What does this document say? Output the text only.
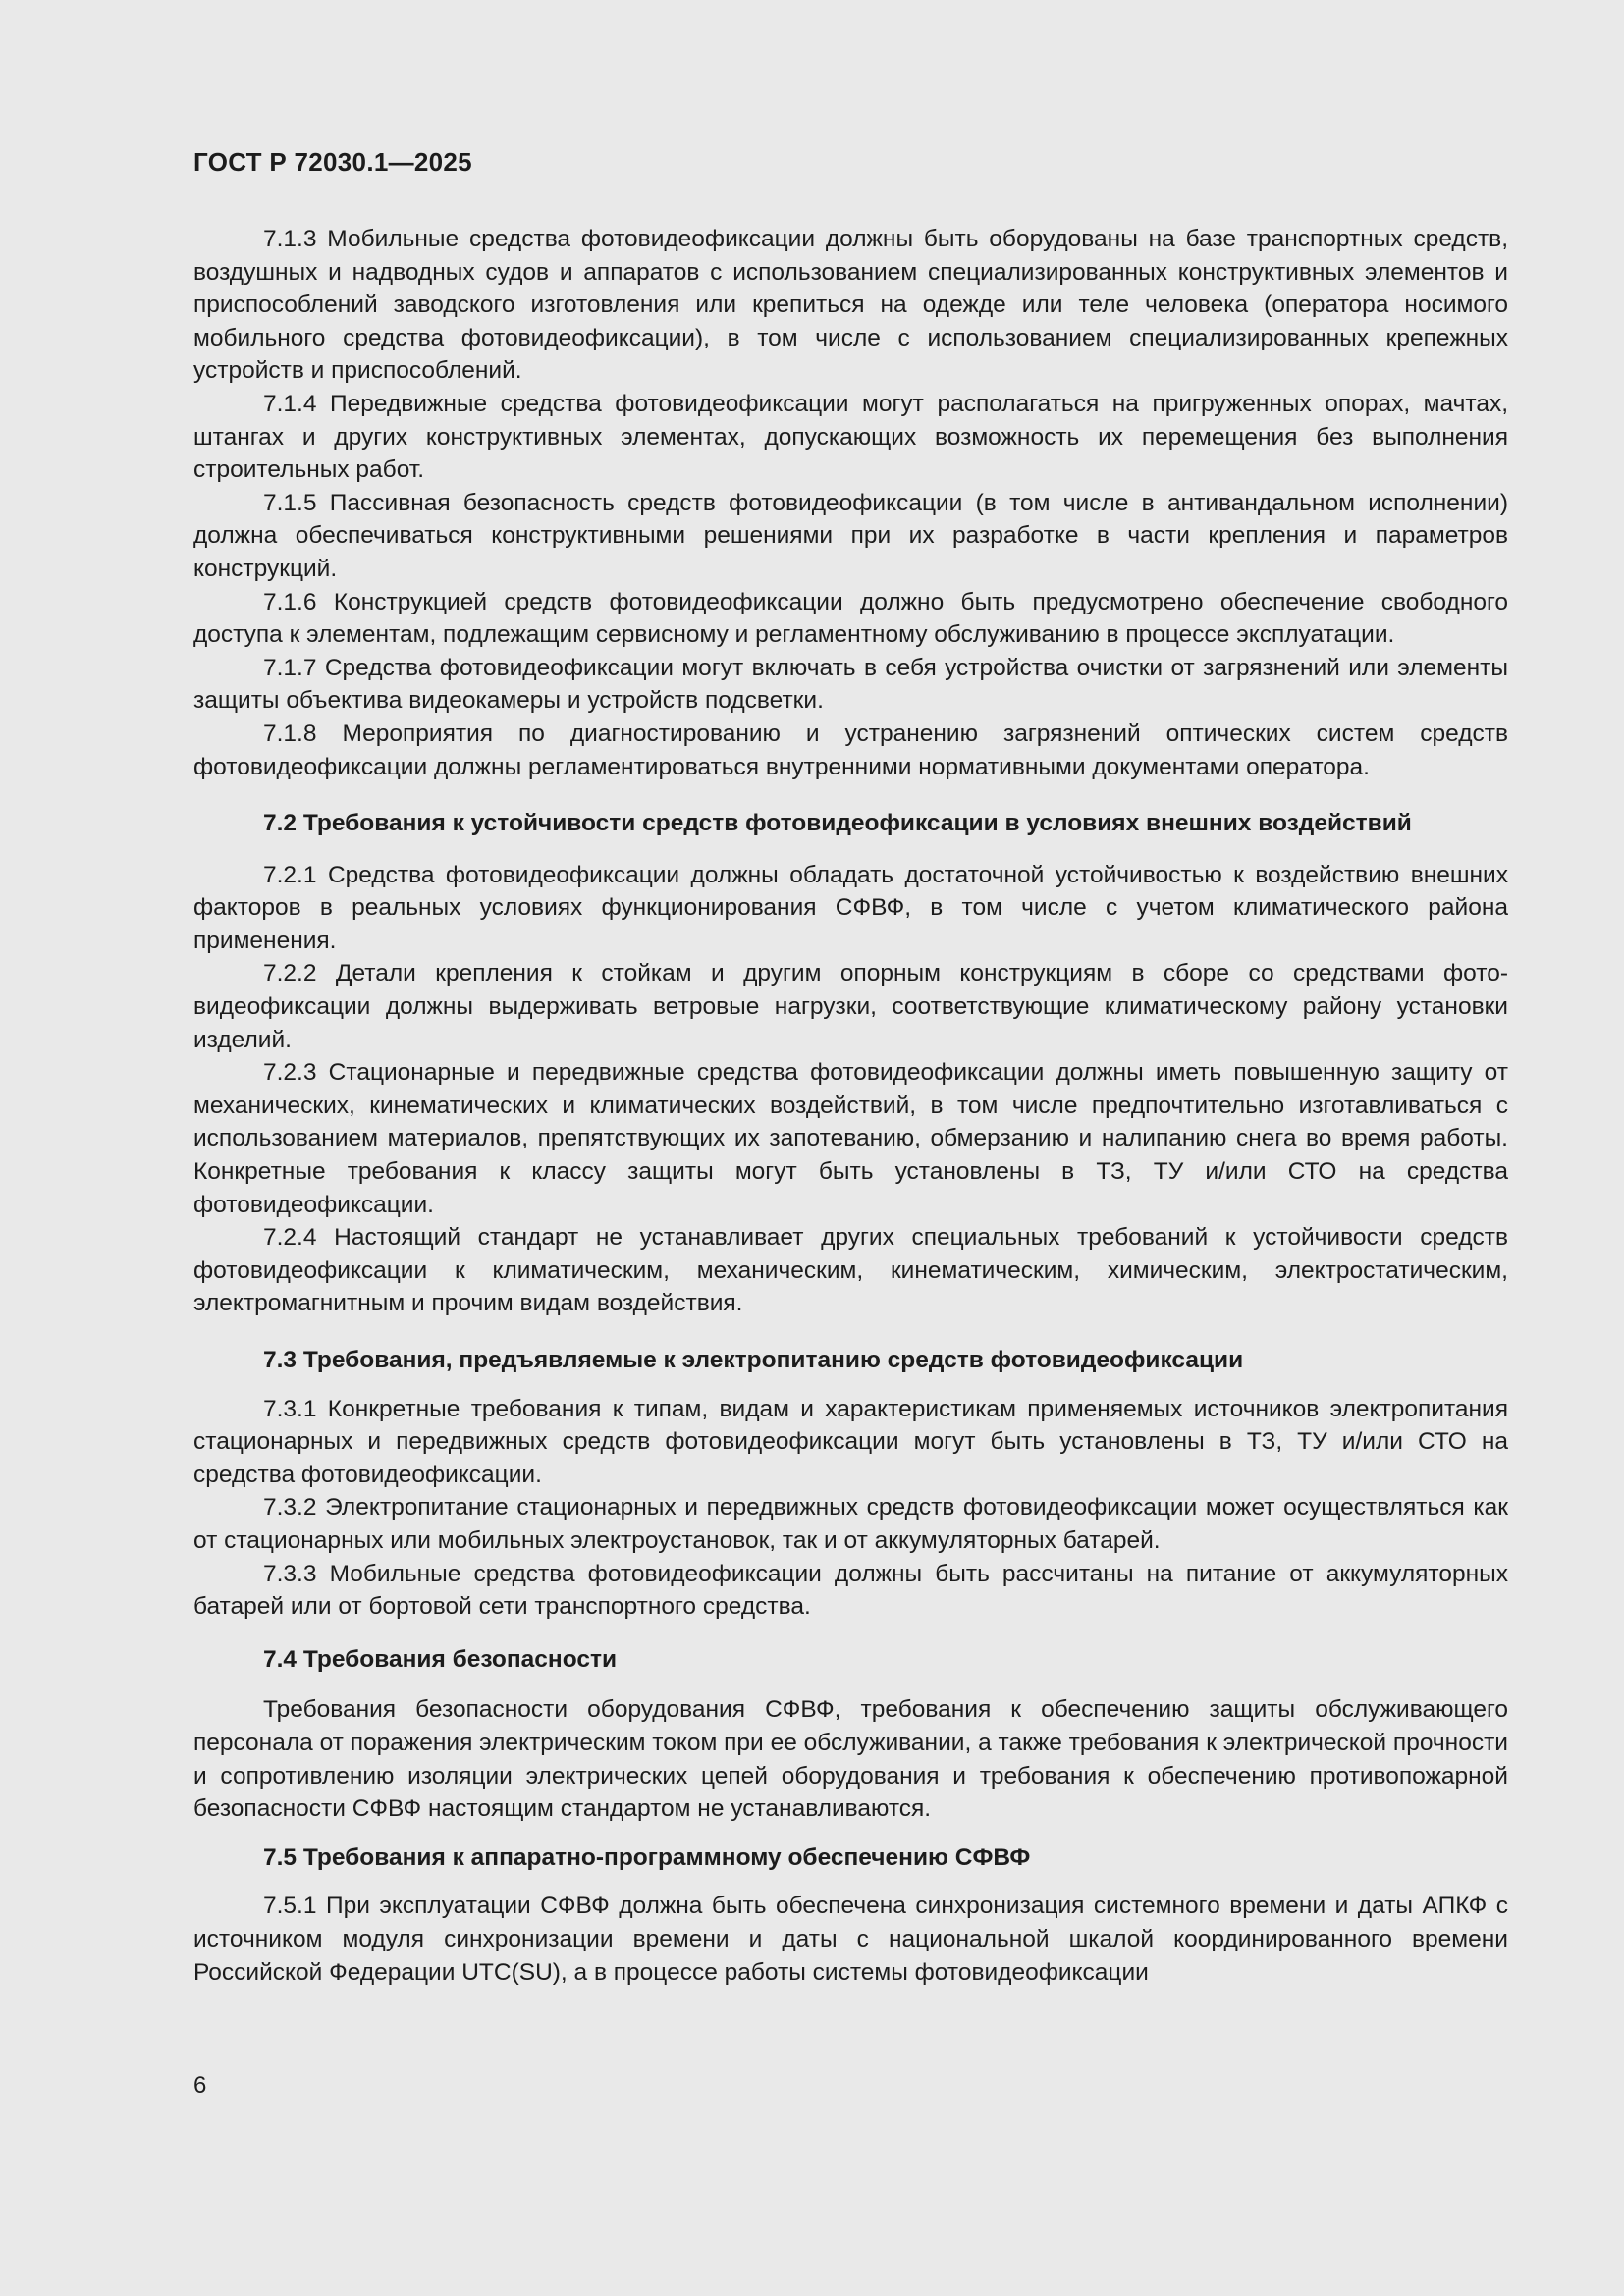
ГОСТ Р 72030.1—2025

7.1.3 Мобильные средства фотовидеофиксации должны быть оборудованы на базе транспортных средств, воздушных и надводных судов и аппаратов с использованием специализированных конструктивных элементов и приспособлений заводского изготовления или крепиться на одежде или теле человека (оператора носимого мобильного средства фотовидеофиксации), в том числе с использованием специализированных крепежных устройств и приспособлений.

7.1.4 Передвижные средства фотовидеофиксации могут располагаться на пригруженных опорах, мачтах, штангах и других конструктивных элементах, допускающих возможность их перемещения без выполнения строительных работ.

7.1.5 Пассивная безопасность средств фотовидеофиксации (в том числе в антивандальном исполнении) должна обеспечиваться конструктивными решениями при их разработке в части крепления и параметров конструкций.

7.1.6 Конструкцией средств фотовидеофиксации должно быть предусмотрено обеспечение свободного доступа к элементам, подлежащим сервисному и регламентному обслуживанию в процессе эксплуатации.

7.1.7 Средства фотовидеофиксации могут включать в себя устройства очистки от загрязнений или элементы защиты объектива видеокамеры и устройств подсветки.

7.1.8 Мероприятия по диагностированию и устранению загрязнений оптических систем средств фотовидеофиксации должны регламентироваться внутренними нормативными документами оператора.

7.2 Требования к устойчивости средств фотовидеофиксации в условиях внешних воздействий

7.2.1 Средства фотовидеофиксации должны обладать достаточной устойчивостью к воздействию внешних факторов в реальных условиях функционирования СФВФ, в том числе с учетом климатического района применения.

7.2.2 Детали крепления к стойкам и другим опорным конструкциям в сборе со средствами фотовидеофиксации должны выдерживать ветровые нагрузки, соответствующие климатическому району установки изделий.

7.2.3 Стационарные и передвижные средства фотовидеофиксации должны иметь повышенную защиту от механических, кинематических и климатических воздействий, в том числе предпочтительно изготавливаться с использованием материалов, препятствующих их запотеванию, обмерзанию и налипанию снега во время работы. Конкретные требования к классу защиты могут быть установлены в ТЗ, ТУ и/или СТО на средства фотовидеофиксации.

7.2.4 Настоящий стандарт не устанавливает других специальных требований к устойчивости средств фотовидеофиксации к климатическим, механическим, кинематическим, химическим, электростатическим, электромагнитным и прочим видам воздействия.

7.3 Требования, предъявляемые к электропитанию средств фотовидеофиксации

7.3.1 Конкретные требования к типам, видам и характеристикам применяемых источников электропитания стационарных и передвижных средств фотовидеофиксации могут быть установлены в ТЗ, ТУ и/или СТО на средства фотовидеофиксации.

7.3.2 Электропитание стационарных и передвижных средств фотовидеофиксации может осуществляться как от стационарных или мобильных электроустановок, так и от аккумуляторных батарей.

7.3.3 Мобильные средства фотовидеофиксации должны быть рассчитаны на питание от аккумуляторных батарей или от бортовой сети транспортного средства.

7.4 Требования безопасности

Требования безопасности оборудования СФВФ, требования к обеспечению защиты обслуживающего персонала от поражения электрическим током при ее обслуживании, а также требования к электрической прочности и сопротивлению изоляции электрических цепей оборудования и требования к обеспечению противопожарной безопасности СФВФ настоящим стандартом не устанавливаются.

7.5 Требования к аппаратно-программному обеспечению СФВФ

7.5.1 При эксплуатации СФВФ должна быть обеспечена синхронизация системного времени и даты АПКФ с источником модуля синхронизации времени и даты с национальной шкалой координированного времени Российской Федерации UTC(SU), а в процессе работы системы фотовидеофиксации

6
